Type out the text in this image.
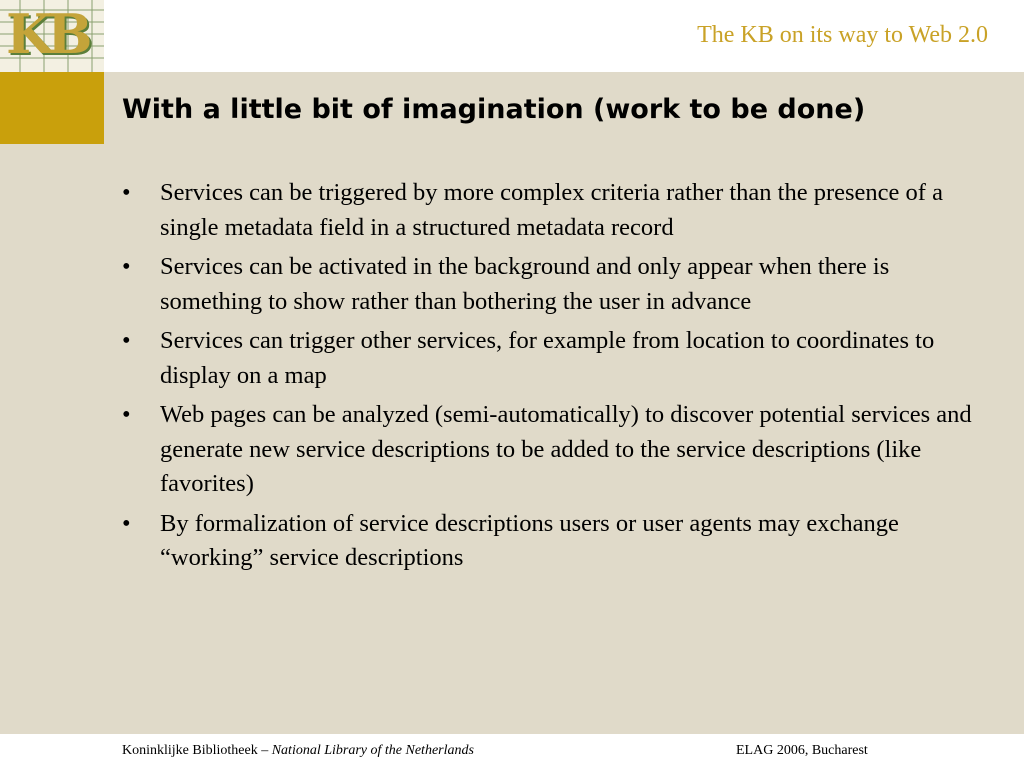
KB	The KB on its way to Web 2.0
With a little bit of imagination (work to be done)
•	Services can be triggered by more complex criteria rather than the presence of a single metadata field in a structured metadata record
•	Services can be activated in the background and only appear when there is something to show rather than bothering the user in advance
•	Services can trigger other services, for example from location to coordinates to display on a map
•	Web pages can be analyzed (semi-automatically) to discover potential services and generate new service descriptions to be added to the service descriptions (like favorites)
•	By formalization of service descriptions users or user agents may exchange “working” service descriptions
Koninklijke Bibliotheek – National Library of the Netherlands	ELAG 2006, Bucharest
